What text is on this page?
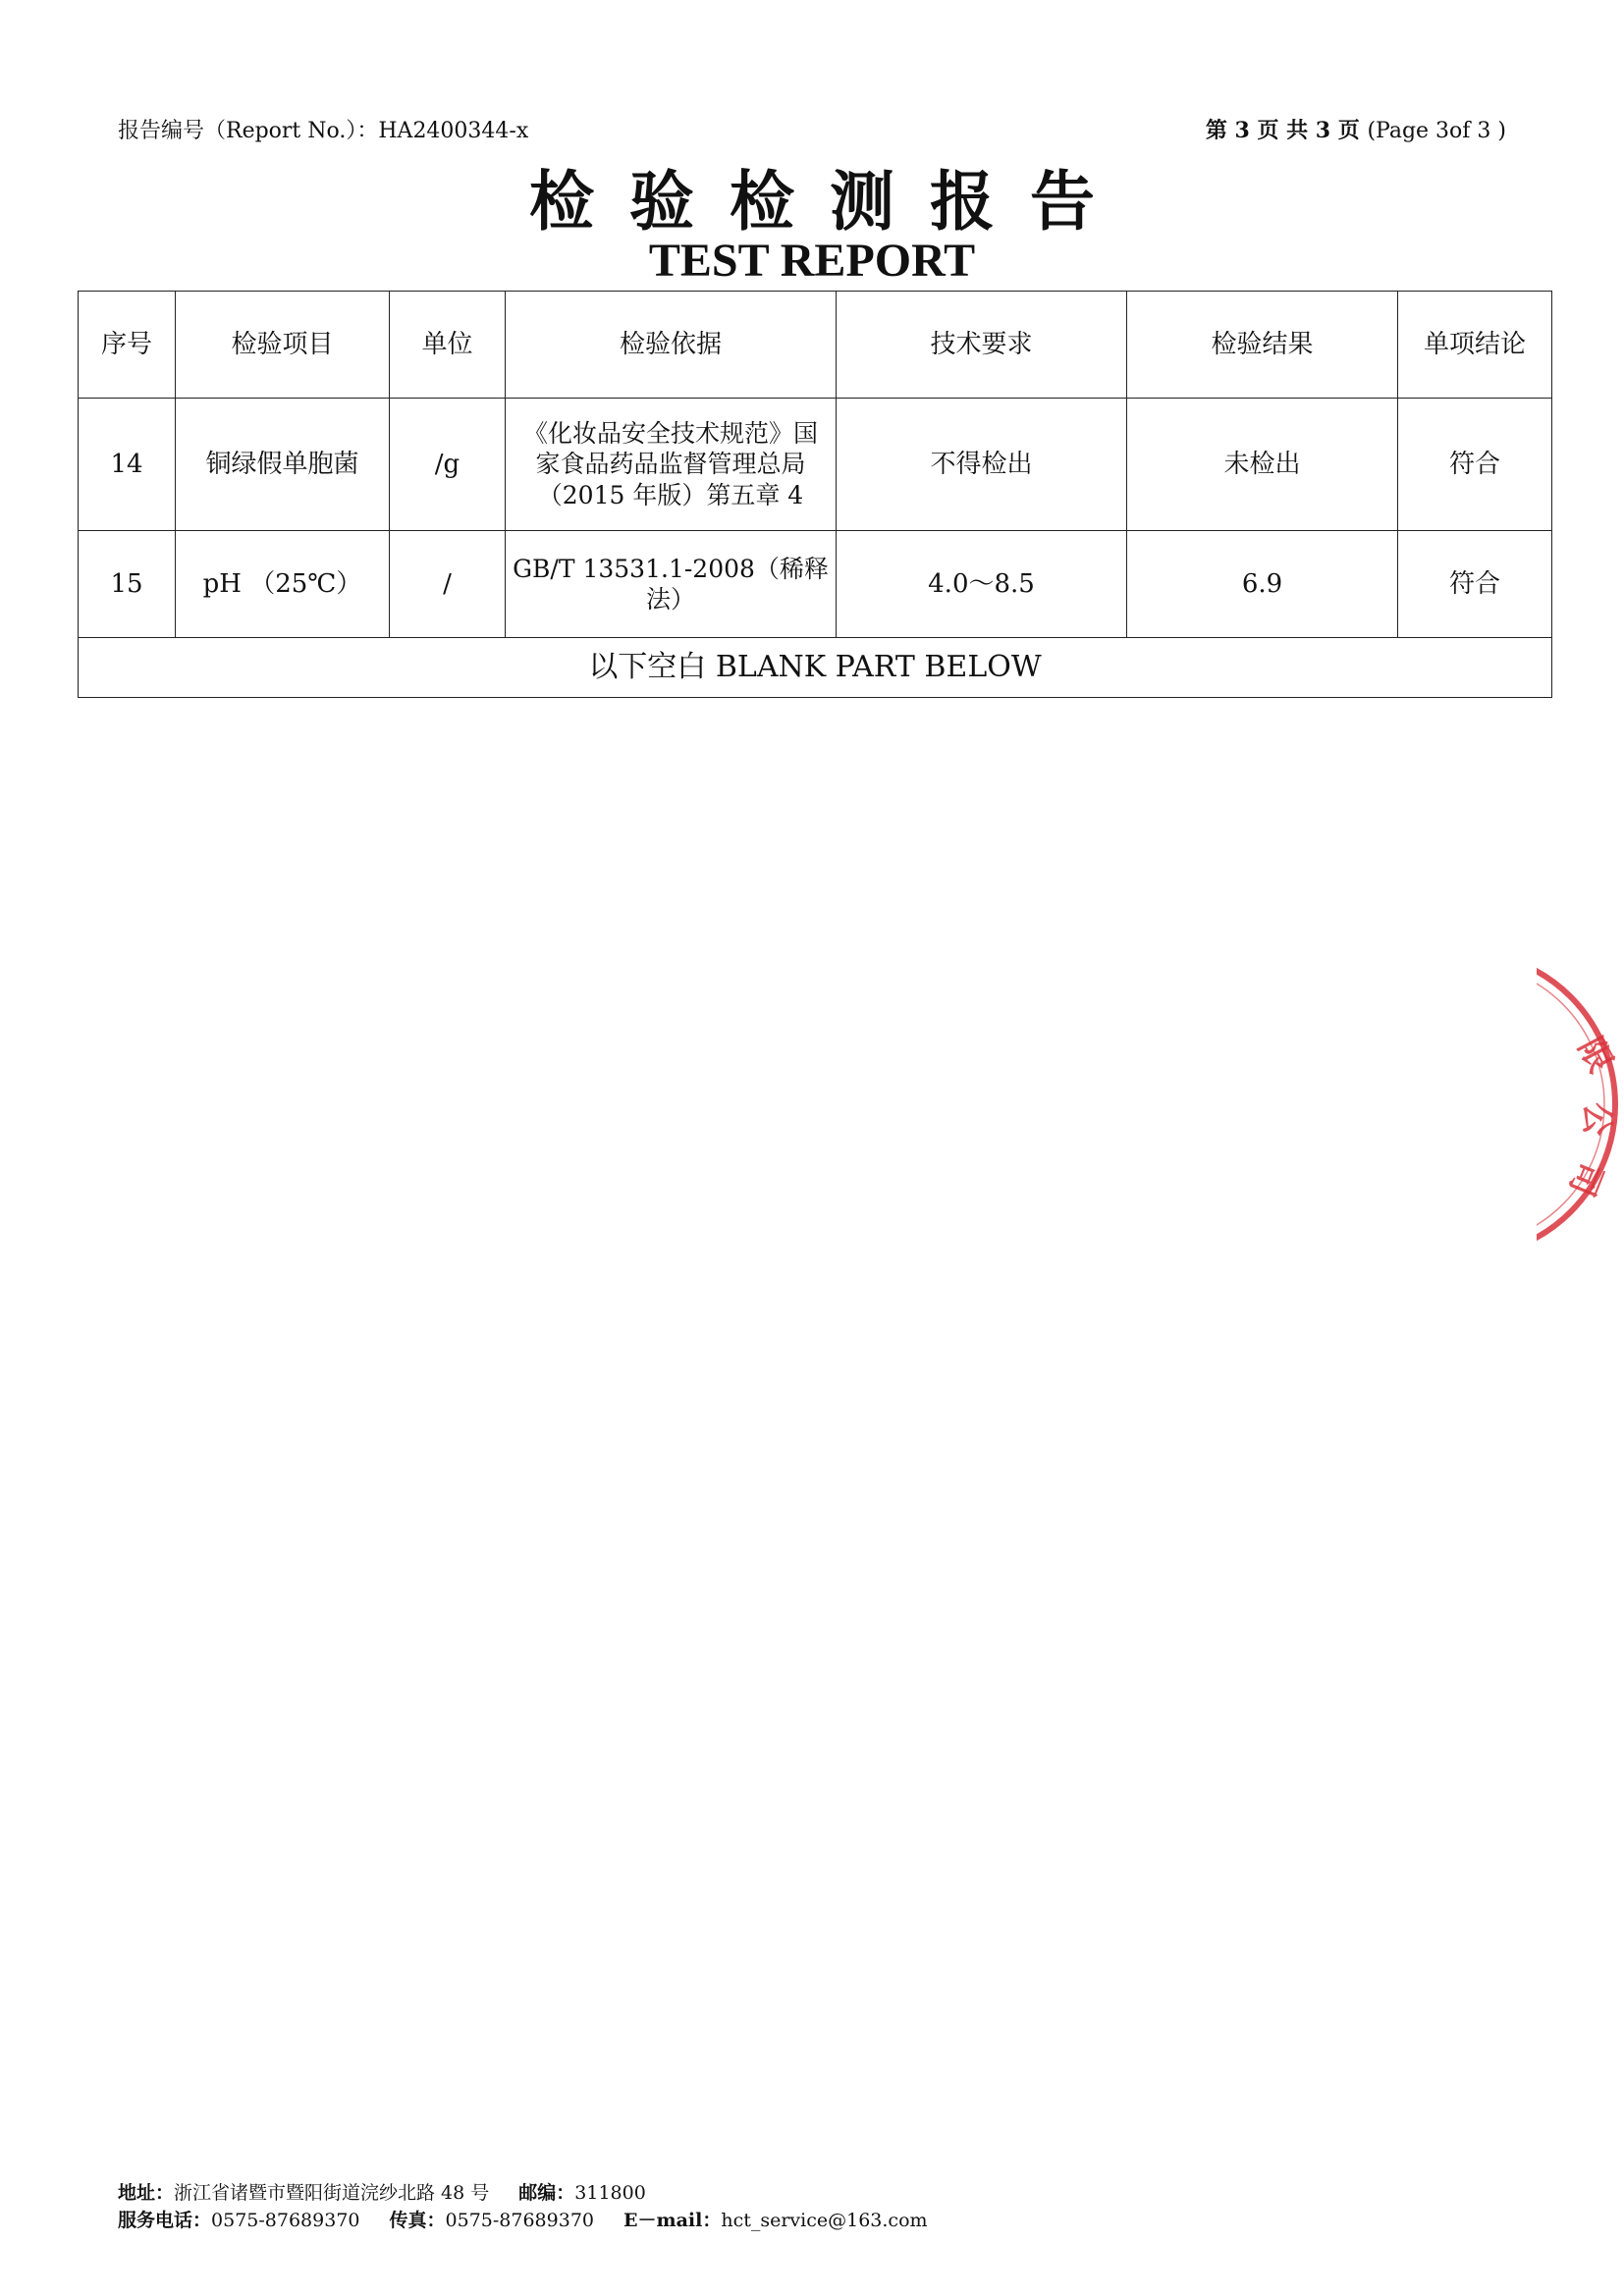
报告编号（Report No.）：HA2400344-x	第 3 页 共 3 页 (Page 3of 3 )
检验检测报告
TEST REPORT
序号	检验项目	单位	检验依据	技术要求	检验结果	单项结论
14	铜绿假单胞菌	/g	《化妆品安全技术规范》国家食品药品监督管理总局（2015 年版）第五章 4	不得检出	未检出	符合
15	pH （25℃）	/	GB/T 13531.1-2008（稀释法）	4.0～8.5	6.9	符合
以下空白 BLANK PART BELOW						
限
公
司
地址：浙江省诸暨市暨阳街道浣纱北路 48 号 邮编：311800
服务电话：0575-87689370 传真：0575-87689370 E－mail：hct_service@163.com
